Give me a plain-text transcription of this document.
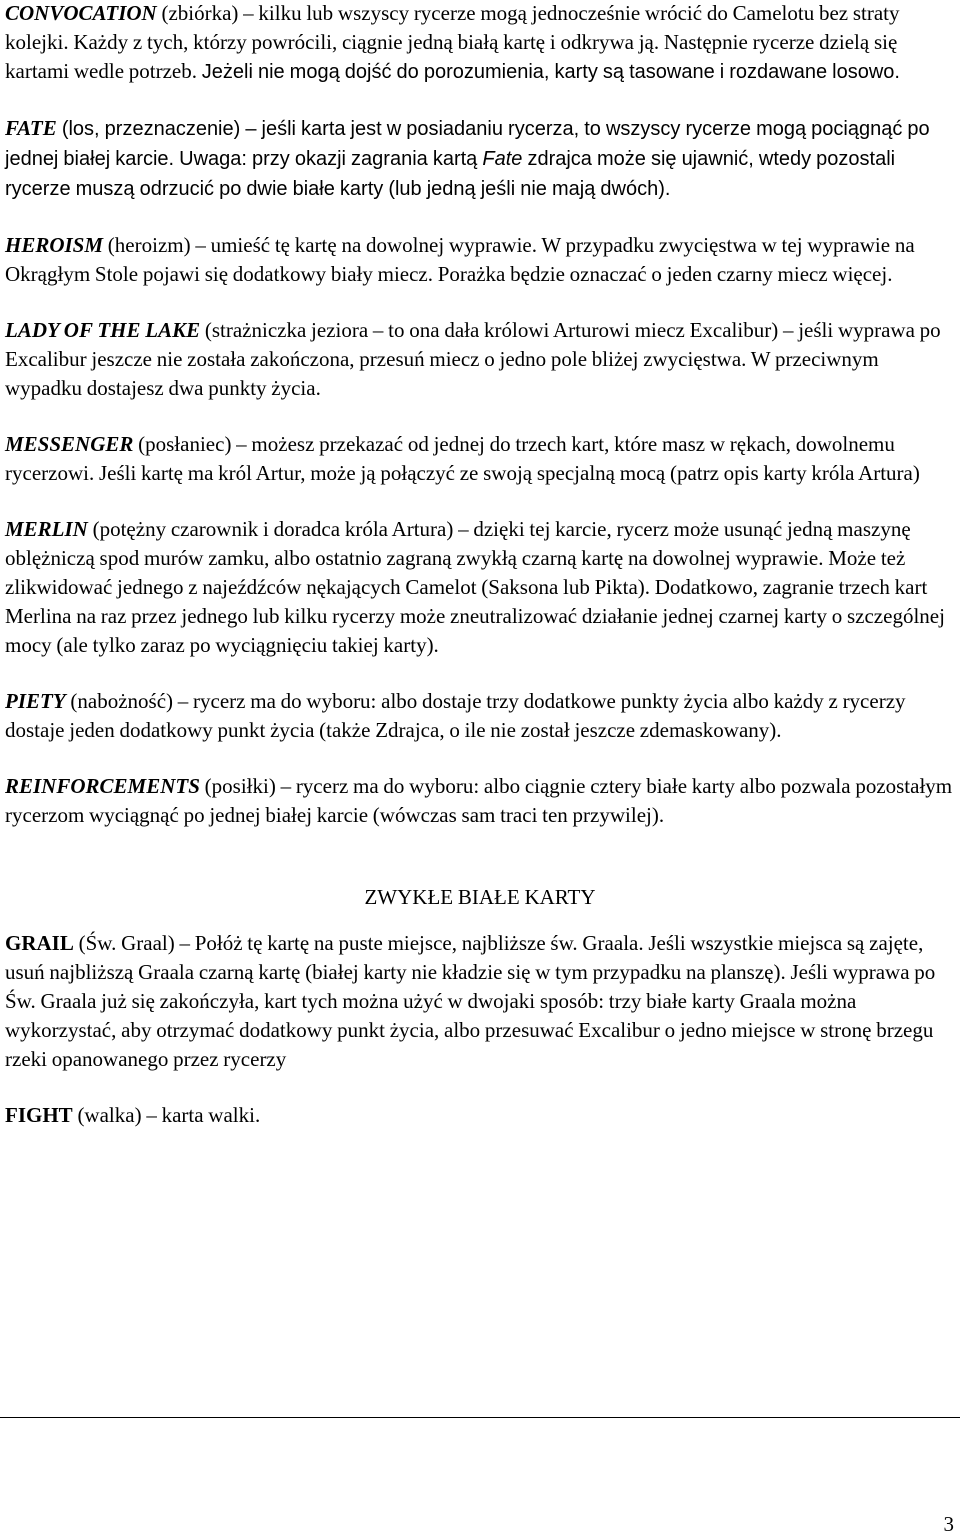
CONVOCATION (zbiórka) – kilku lub wszyscy rycerze mogą jednocześnie wrócić do Camelotu bez straty kolejki. Każdy z tych, którzy powrócili, ciągnie jedną białą kartę i odkrywa ją. Następnie rycerze dzielą się kartami wedle potrzeb. Jeżeli nie mogą dojść do porozumienia, karty są tasowane i rozdawane losowo.

FATE (los, przeznaczenie) – jeśli karta jest w posiadaniu rycerza, to wszyscy rycerze mogą pociągnąć po jednej białej karcie. Uwaga: przy okazji zagrania kartą Fate zdrajca może się ujawnić, wtedy pozostali rycerze muszą odrzucić po dwie białe karty (lub jedną jeśli nie mają dwóch).

HEROISM (heroizm) – umieść tę kartę na dowolnej wyprawie. W przypadku zwycięstwa w tej wyprawie na Okrągłym Stole pojawi się dodatkowy biały miecz. Porażka będzie oznaczać o jeden czarny miecz więcej.

LADY OF THE LAKE (strażniczka jeziora – to ona dała królowi Arturowi miecz Excalibur) – jeśli wyprawa po Excalibur jeszcze nie została zakończona, przesuń miecz o jedno pole bliżej zwycięstwa. W przeciwnym wypadku dostajesz dwa punkty życia.

MESSENGER (posłaniec) – możesz przekazać od jednej do trzech kart, które masz w rękach, dowolnemu rycerzowi. Jeśli kartę ma król Artur, może ją połączyć ze swoją specjalną mocą (patrz opis karty króla Artura)

MERLIN (potężny czarownik i doradca króla Artura) – dzięki tej karcie, rycerz może usunąć jedną maszynę oblężniczą spod murów zamku, albo ostatnio zagraną zwykłą czarną kartę na dowolnej wyprawie. Może też zlikwidować jednego z najeźdźców nękających Camelot (Saksona lub Pikta). Dodatkowo, zagranie trzech kart Merlina na raz przez jednego lub kilku rycerzy może zneutralizować działanie jednej czarnej karty o szczególnej mocy (ale tylko zaraz po wyciągnięciu takiej karty).

PIETY (nabożność) – rycerz ma do wyboru: albo dostaje trzy dodatkowe punkty życia albo każdy z rycerzy dostaje jeden dodatkowy punkt życia (także Zdrajca, o ile nie został jeszcze zdemaskowany).

REINFORCEMENTS (posiłki) – rycerz ma do wyboru: albo ciągnie cztery białe karty albo pozwala pozostałym rycerzom wyciągnąć po jednej białej karcie (wówczas sam traci ten przywilej).

ZWYKŁE BIAŁE KARTY

GRAIL (Św. Graal) – Połóż tę kartę na puste miejsce, najbliższe św. Graala. Jeśli wszystkie miejsca są zajęte, usuń najbliższą Graala czarną kartę (białej karty nie kładzie się w tym przypadku na planszę). Jeśli wyprawa po Św. Graala już się zakończyła, kart tych można użyć w dwojaki sposób: trzy białe karty Graala można wykorzystać, aby otrzymać dodatkowy punkt życia, albo przesuwać Excalibur o jedno miejsce w stronę brzegu rzeki opanowanego przez rycerzy

FIGHT (walka) – karta walki.

3
